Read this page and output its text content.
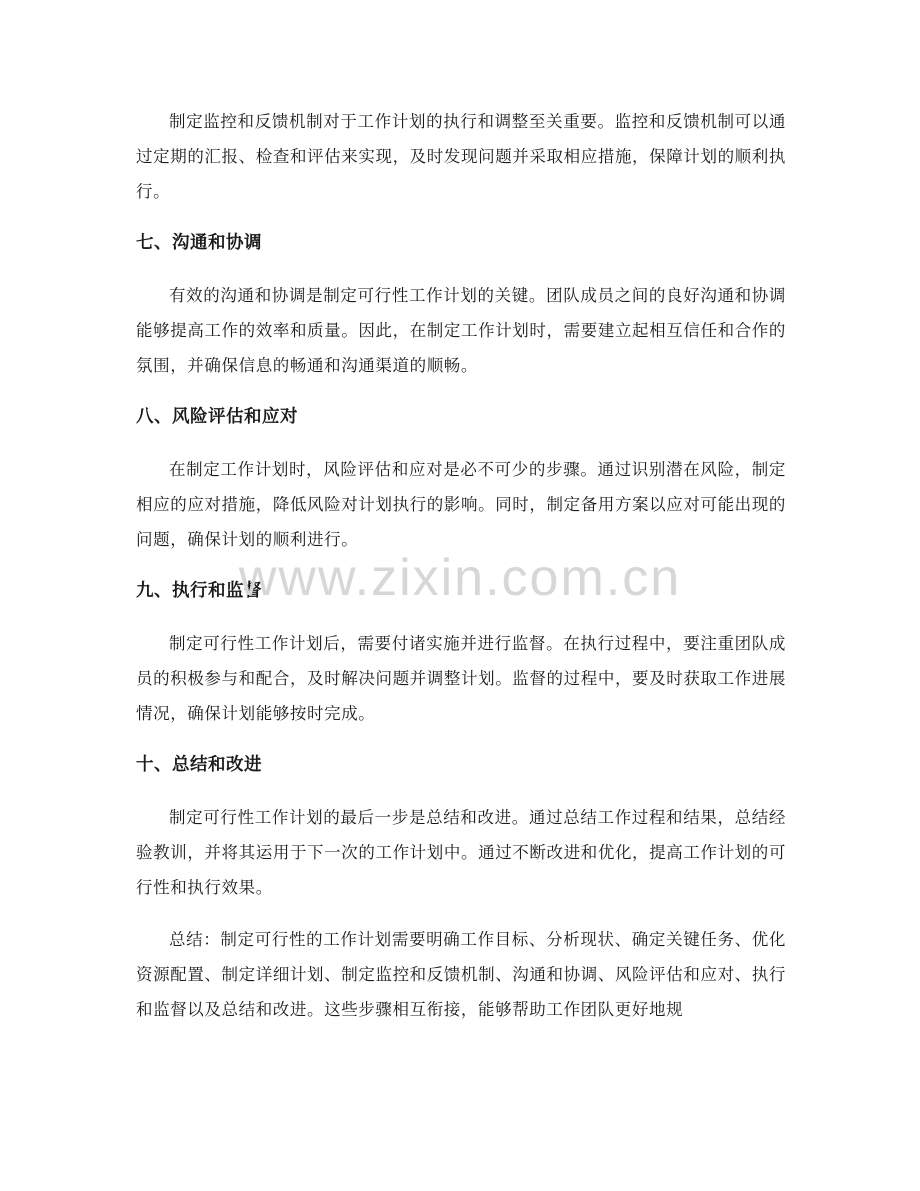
制定监控和反馈机制对于工作计划的执行和调整至关重要。监控和反馈机制可以通过定期的汇报、检查和评估来实现，及时发现问题并采取相应措施，保障计划的顺利执行。

七、沟通和协调

有效的沟通和协调是制定可行性工作计划的关键。团队成员之间的良好沟通和协调能够提高工作的效率和质量。因此，在制定工作计划时，需要建立起相互信任和合作的氛围，并确保信息的畅通和沟通渠道的顺畅。

八、风险评估和应对

在制定工作计划时，风险评估和应对是必不可少的步骤。通过识别潜在风险，制定相应的应对措施，降低风险对计划执行的影响。同时，制定备用方案以应对可能出现的问题，确保计划的顺利进行。

九、执行和监督

制定可行性工作计划后，需要付诸实施并进行监督。在执行过程中，要注重团队成员的积极参与和配合，及时解决问题并调整计划。监督的过程中，要及时获取工作进展情况，确保计划能够按时完成。

十、总结和改进

制定可行性工作计划的最后一步是总结和改进。通过总结工作过程和结果，总结经验教训，并将其运用于下一次的工作计划中。通过不断改进和优化，提高工作计划的可行性和执行效果。

总结：制定可行性的工作计划需要明确工作目标、分析现状、确定关键任务、优化资源配置、制定详细计划、制定监控和反馈机制、沟通和协调、风险评估和应对、执行和监督以及总结和改进。这些步骤相互衔接，能够帮助工作团队更好地规

www.zixin.com.cn
